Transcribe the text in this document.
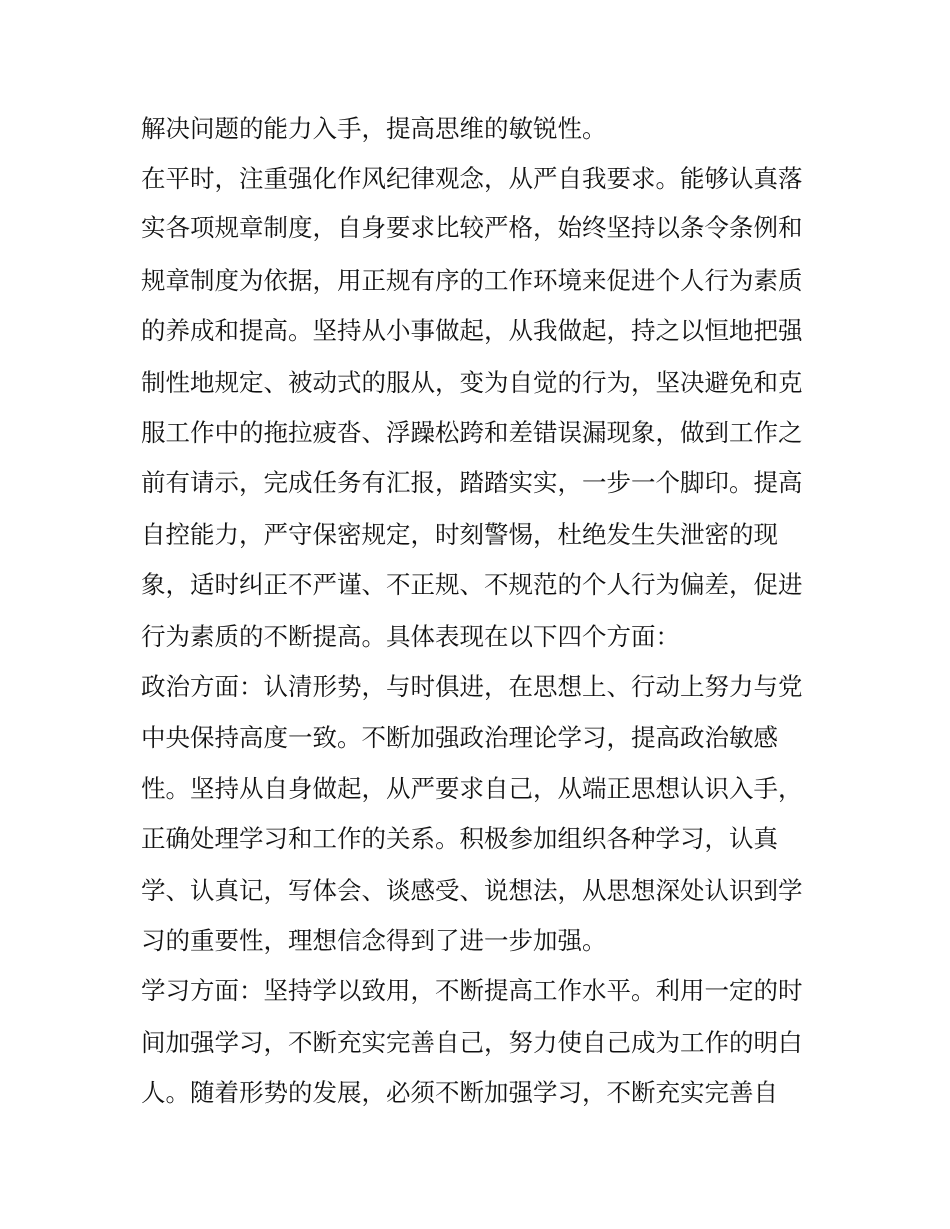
解决问题的能力入手，提高思维的敏锐性。
在平时，注重强化作风纪律观念，从严自我要求。能够认真落
实各项规章制度，自身要求比较严格，始终坚持以条令条例和
规章制度为依据，用正规有序的工作环境来促进个人行为素质
的养成和提高。坚持从小事做起，从我做起，持之以恒地把强
制性地规定、被动式的服从，变为自觉的行为，坚决避免和克
服工作中的拖拉疲沓、浮躁松跨和差错误漏现象，做到工作之
前有请示，完成任务有汇报，踏踏实实，一步一个脚印。提高
自控能力，严守保密规定，时刻警惕，杜绝发生失泄密的现
象，适时纠正不严谨、不正规、不规范的个人行为偏差，促进
行为素质的不断提高。具体表现在以下四个方面：
政治方面：认清形势，与时俱进，在思想上、行动上努力与党
中央保持高度一致。不断加强政治理论学习，提高政治敏感
性。坚持从自身做起，从严要求自己，从端正思想认识入手，
正确处理学习和工作的关系。积极参加组织各种学习，认真
学、认真记，写体会、谈感受、说想法，从思想深处认识到学
习的重要性，理想信念得到了进一步加强。
学习方面：坚持学以致用，不断提高工作水平。利用一定的时
间加强学习，不断充实完善自己，努力使自己成为工作的明白
人。随着形势的发展，必须不断加强学习，不断充实完善自
